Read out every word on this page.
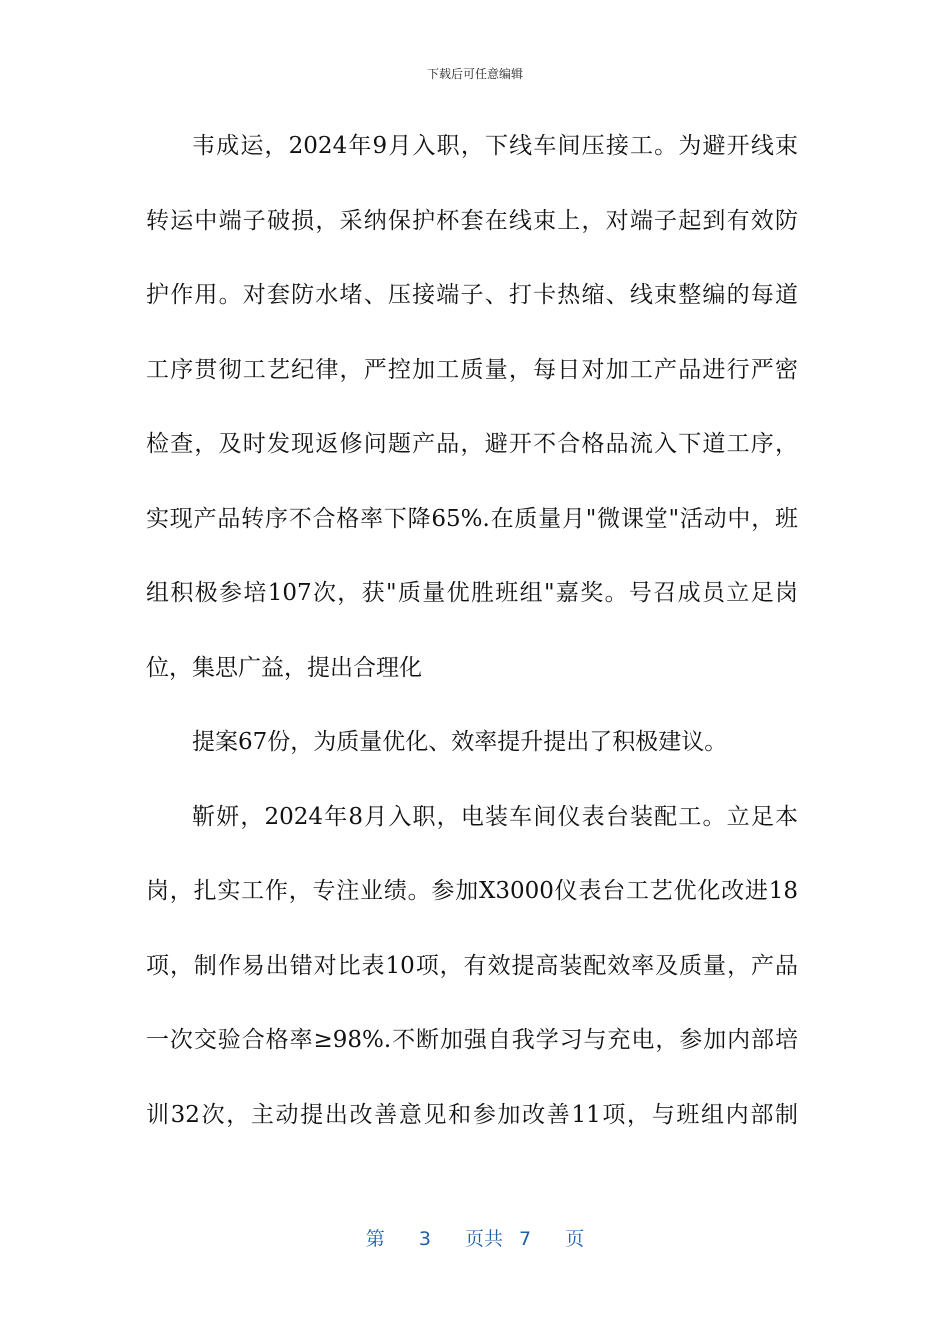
下载后可任意编辑
韦成运，2024年9月入职，下线车间压接工。为避开线束
转运中端子破损，采纳保护杯套在线束上，对端子起到有效防
护作用。对套防水堵、压接端子、打卡热缩、线束整编的每道
工序贯彻工艺纪律，严控加工质量，每日对加工产品进行严密
检查，及时发现返修问题产品，避开不合格品流入下道工序，
实现产品转序不合格率下降65%.在质量月"微课堂"活动中，班
组积极参培107次，获"质量优胜班组"嘉奖。号召成员立足岗
位，集思广益，提出合理化
提案67份，为质量优化、效率提升提出了积极建议。
靳妍，2024年8月入职，电装车间仪表台装配工。立足本
岗，扎实工作，专注业绩。参加X3000仪表台工艺优化改进18
项，制作易出错对比表10项，有效提高装配效率及质量，产品
一次交验合格率≥98%.不断加强自我学习与充电，参加内部培
训32次，主动提出改善意见和参加改善11项，与班组内部制
第 3 页共 7 页
